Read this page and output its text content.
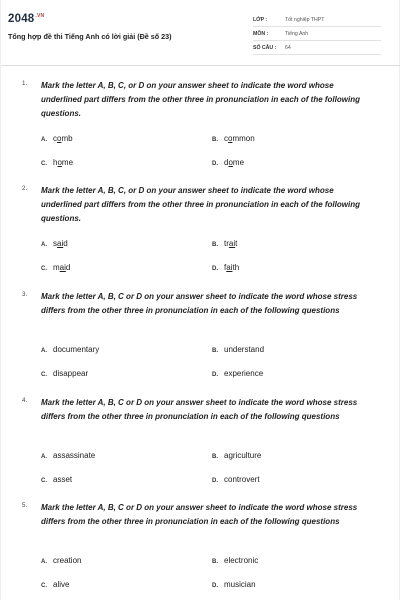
$2048^{.VN}$
Tổng hợp đề thi Tiếng Anh có lời giải (Đề số 23)
LỚP :	Tốt nghiệp THPT
MÔN :	Tiếng Anh
SỐ CÂU : 64
1. Mark the letter A, B, C, or D on your answer sheet to indicate the word whose underlined part differs from the other three in pronunciation in each of the following questions.
A. comb	B. common
C. home	D. dome
2. Mark the letter A, B, C, or D on your answer sheet to indicate the word whose underlined part differs from the other three in pronunciation in each of the following questions.
A. said	B. trait
C. maid	D. faith
3. Mark the letter A, B, C or D on your answer sheet to indicate the word whose stress differs from the other three in pronunciation in each of the following questions
A. documentary	B. understand
C. disappear	D. experience
4. Mark the letter A, B, C or D on your answer sheet to indicate the word whose stress differs from the other three in pronunciation in each of the following questions
A. assassinate	B. agriculture
C. asset	D. controvert
5. Mark the letter A, B, C or D on your answer sheet to indicate the word whose stress differs from the other three in pronunciation in each of the following questions
A. creation	B. electronic
C. alive	D. musician
